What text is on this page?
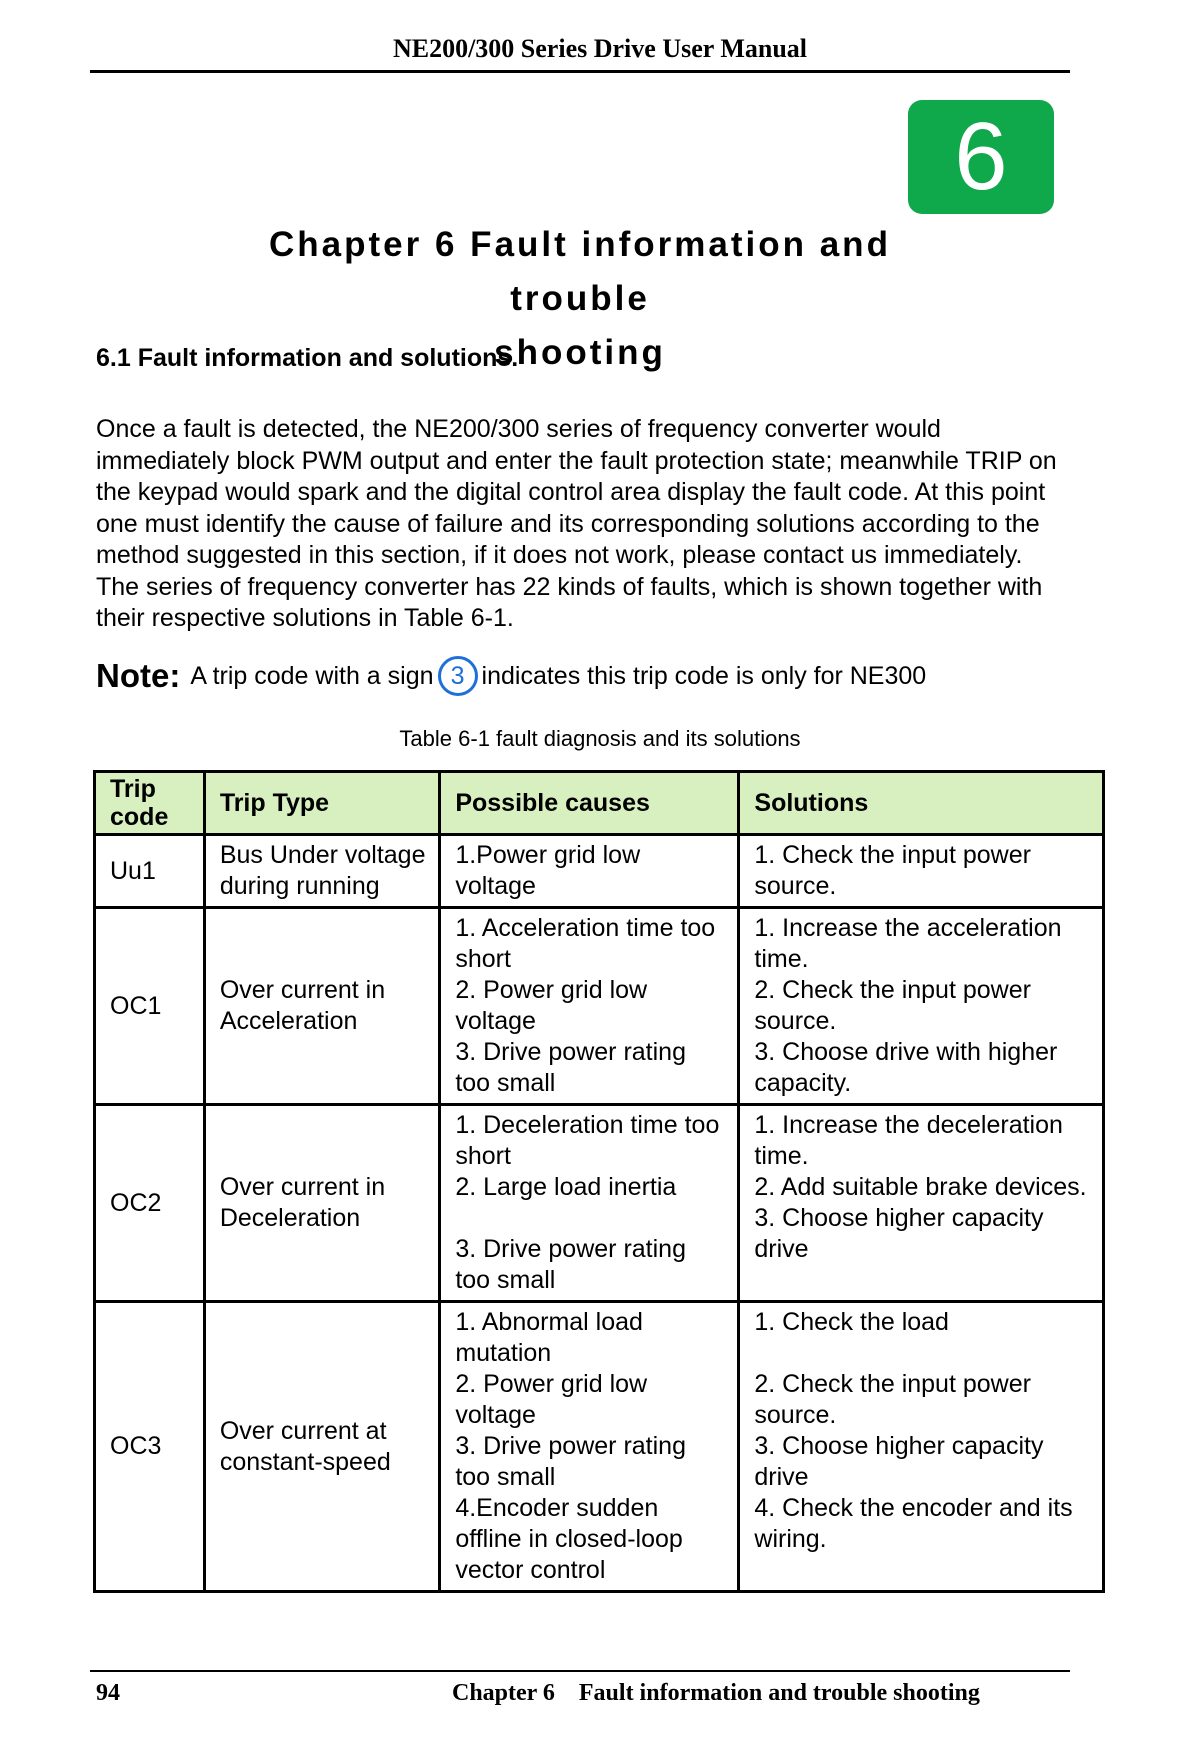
NE200/300 Series Drive User Manual
6
Chapter 6 Fault information and trouble
shooting
6.1 Fault information and solutions.
Once a fault is detected, the NE200/300 series of frequency converter would immediately block PWM output and enter the fault protection state; meanwhile TRIP on the keypad would spark and the digital control area display the fault code. At this point one must identify the cause of failure and its corresponding solutions according to the method suggested in this section, if it does not work, please contact us immediately. The series of frequency converter has 22 kinds of faults, which is shown together with their respective solutions in Table 6-1.
Note: A trip code with a sign 3 indicates this trip code is only for NE300
Table 6-1 fault diagnosis and its solutions
Trip code	Trip Type	Possible causes	Solutions
Uu1	Bus Under voltage during running	1.Power grid low voltage	1. Check the input power source.

OC1	Over current in Acceleration	1. Acceleration time too short
2. Power grid low voltage
3. Drive power rating too small	1. Increase the acceleration time.
2. Check the input power source.
3. Choose drive with higher capacity.

OC2	Over current in Deceleration	1. Deceleration time too short
2. Large load inertia
3. Drive power rating too small	1. Increase the deceleration time.
2. Add suitable brake devices.
3. Choose higher capacity drive

OC3	Over current at constant-speed	1. Abnormal load mutation
2. Power grid low voltage
3. Drive power rating too small
4.Encoder sudden offline in closed-loop vector control	1. Check the load
2. Check the input power source.
3. Choose higher capacity drive
4. Check the encoder and its wiring.
94	Chapter 6    Fault information and trouble shooting
